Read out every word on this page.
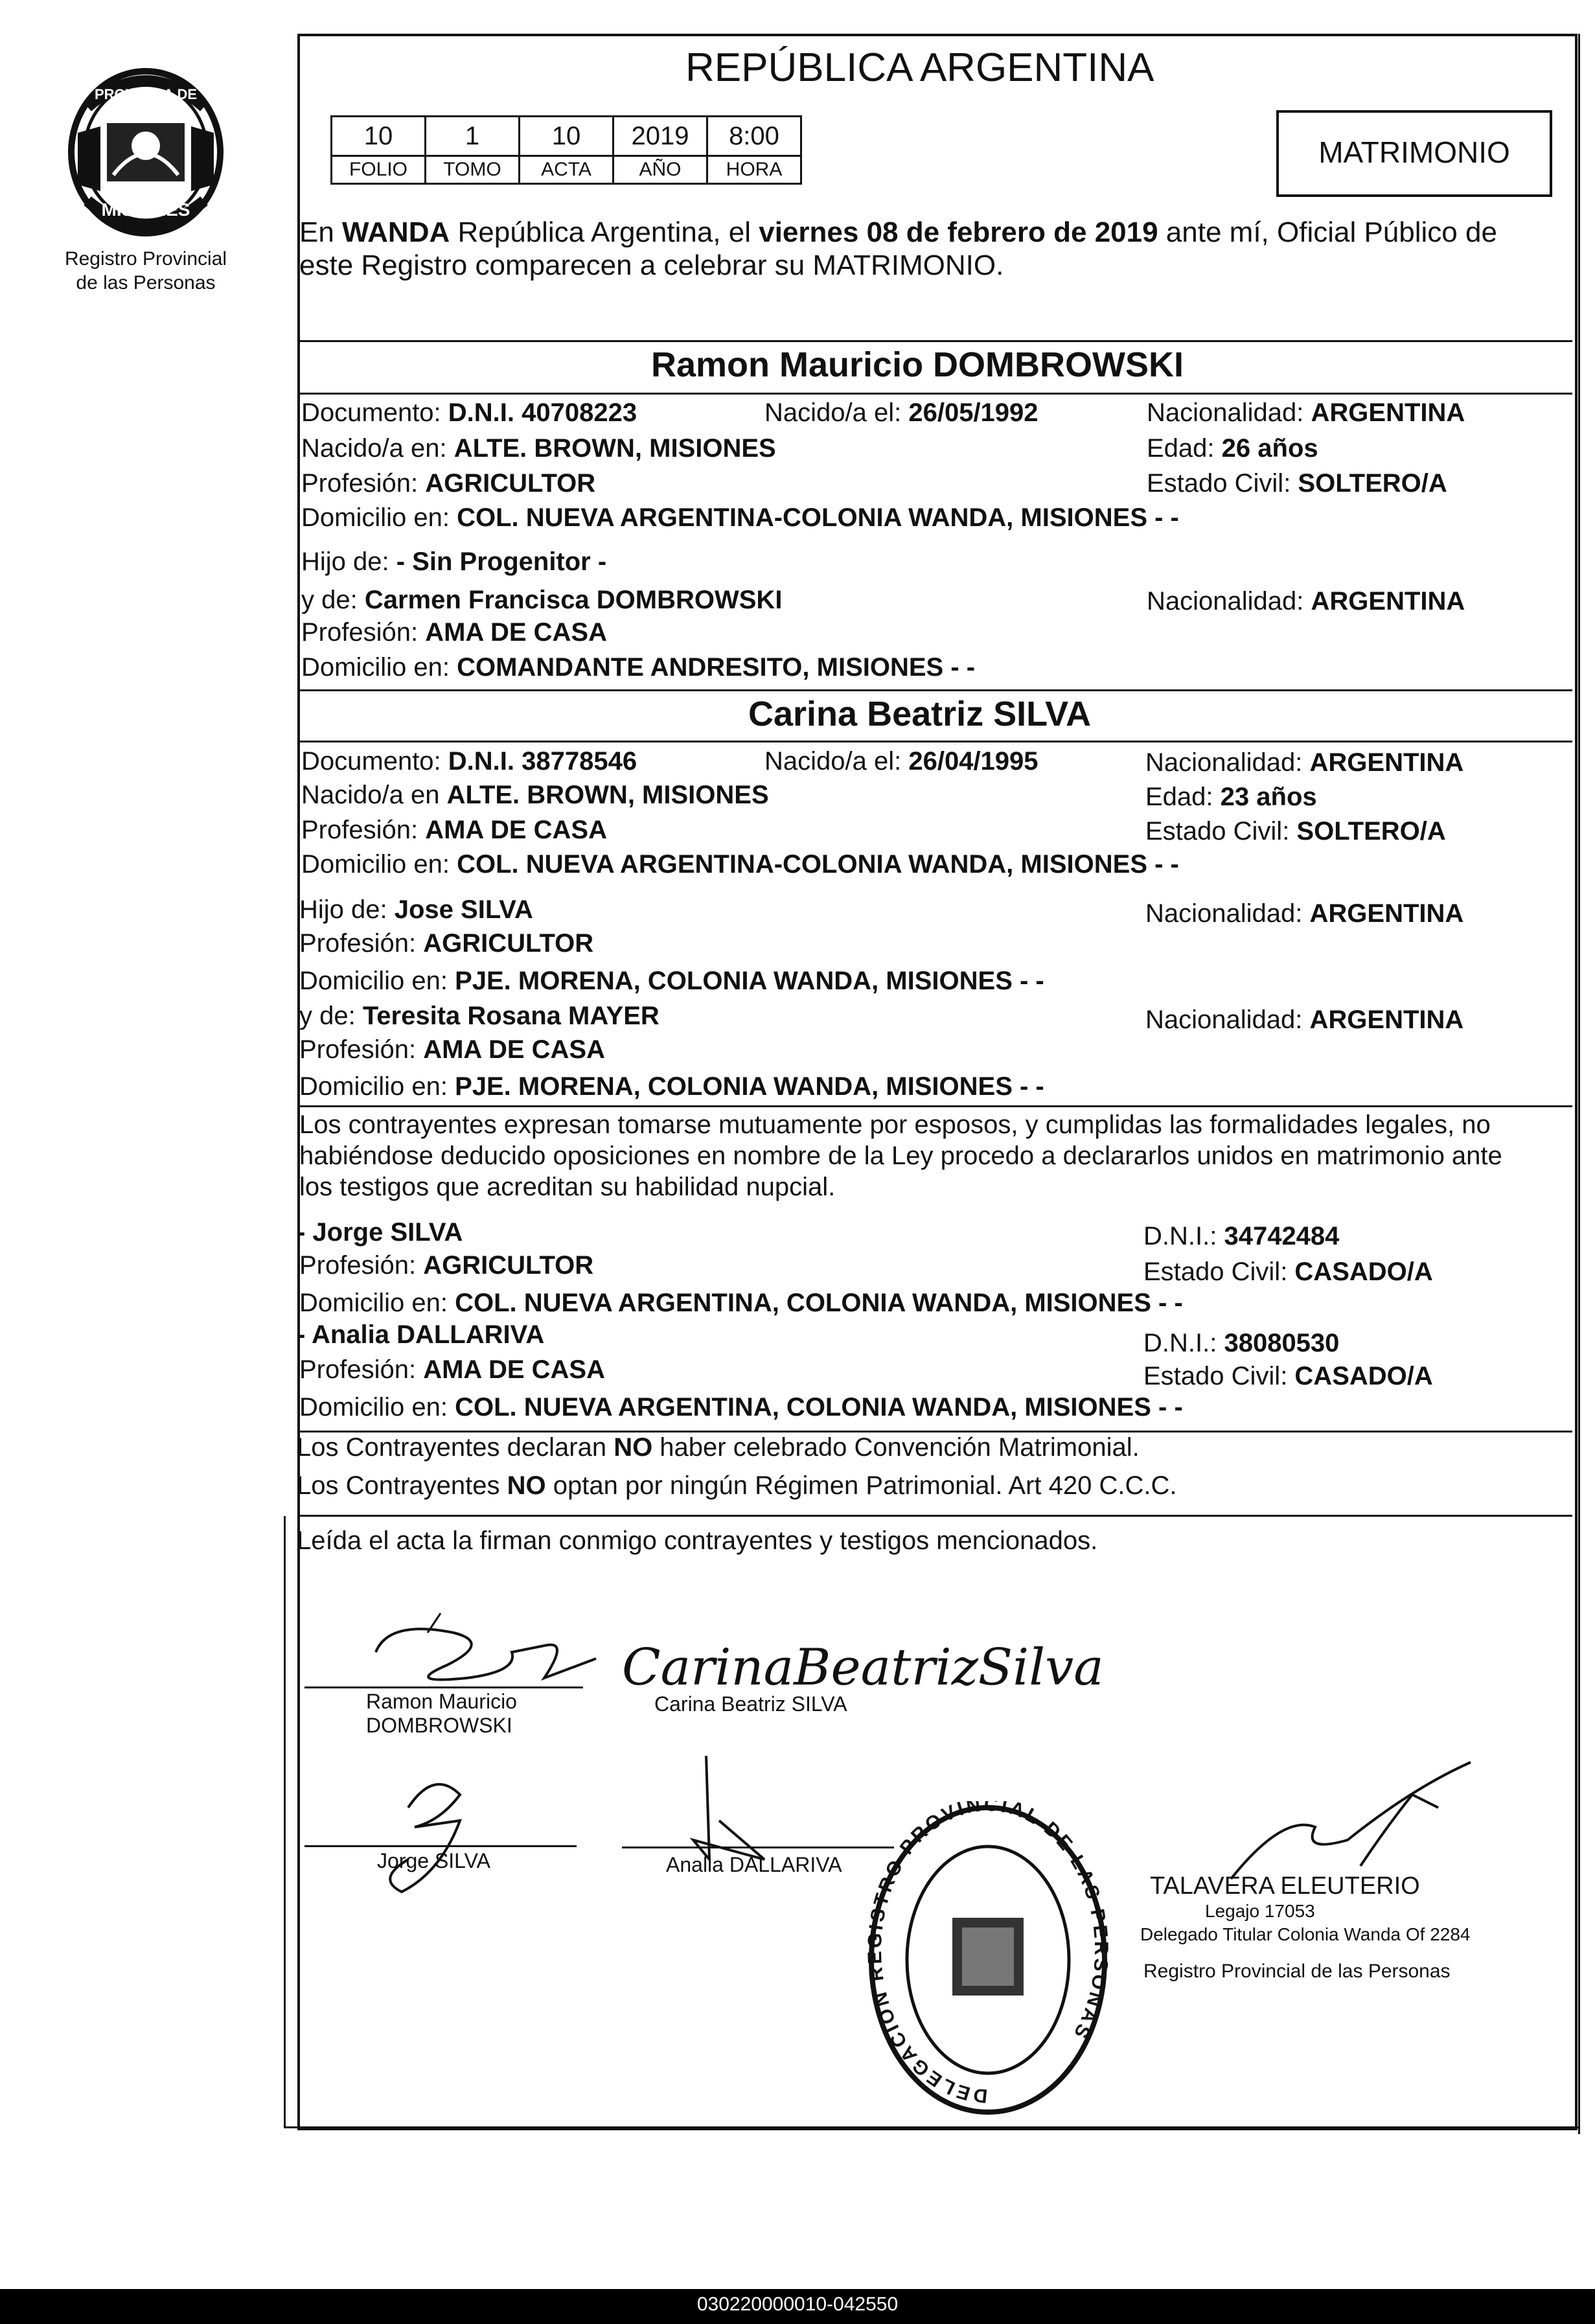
PROVINCIA DE
MISIONES
Registro Provincial
de las Personas
REPÚBLICA ARGENTINA
10	1	10	2019	8:00
FOLIO	TOMO	ACTA	AÑO	HORA
MATRIMONIO
En WANDA República Argentina, el viernes 08 de febrero de 2019 ante mí, Oficial Público de
este Registro comparecen a celebrar su MATRIMONIO.
Ramon Mauricio DOMBROWSKI
Documento: D.N.I. 40708223	Nacido/a el: 26/05/1992	Nacionalidad: ARGENTINA
Nacido/a en: ALTE. BROWN, MISIONES	Edad: 26 años
Profesión: AGRICULTOR	Estado Civil: SOLTERO/A
Domicilio en: COL. NUEVA ARGENTINA-COLONIA WANDA, MISIONES - -
Hijo de: - Sin Progenitor -
y de: Carmen Francisca DOMBROWSKI	Nacionalidad: ARGENTINA
Profesión: AMA DE CASA
Domicilio en: COMANDANTE ANDRESITO, MISIONES - -
Carina Beatriz SILVA
Documento: D.N.I. 38778546	Nacido/a el: 26/04/1995	Nacionalidad: ARGENTINA
Nacido/a en ALTE. BROWN, MISIONES	Edad: 23 años
Profesión: AMA DE CASA	Estado Civil: SOLTERO/A
Domicilio en: COL. NUEVA ARGENTINA-COLONIA WANDA, MISIONES - -
Hijo de: Jose SILVA	Nacionalidad: ARGENTINA
Profesión: AGRICULTOR
Domicilio en: PJE. MORENA, COLONIA WANDA, MISIONES - -
y de: Teresita Rosana MAYER	Nacionalidad: ARGENTINA
Profesión: AMA DE CASA
Domicilio en: PJE. MORENA, COLONIA WANDA, MISIONES - -
Los contrayentes expresan tomarse mutuamente por esposos, y cumplidas las formalidades legales, no
habiéndose deducido oposiciones en nombre de la Ley procedo a declararlos unidos en matrimonio ante
los testigos que acreditan su habilidad nupcial.
- Jorge SILVA	D.N.I.: 34742484
Profesión: AGRICULTOR	Estado Civil: CASADO/A
Domicilio en: COL. NUEVA ARGENTINA, COLONIA WANDA, MISIONES - -
- Analia DALLARIVA	D.N.I.: 38080530
Profesión: AMA DE CASA	Estado Civil: CASADO/A
Domicilio en: COL. NUEVA ARGENTINA, COLONIA WANDA, MISIONES - -
Los Contrayentes declaran NO haber celebrado Convención Matrimonial.
Los Contrayentes NO optan por ningún Régimen Patrimonial. Art 420 C.C.C.
Leída el acta la firman conmigo contrayentes y testigos mencionados.
Ramon Mauricio
DOMBROWSKI
CarinaBeatrizSilva
Carina Beatriz SILVA
Jorge SILVA	Analia DALLARIVA
DELEGACION REGISTRO PROVINCIAL DE LAS PERSONAS
TALAVERA ELEUTERIO
Legajo 17053
Delegado Titular Colonia Wanda Of 2284
Registro Provincial de las Personas
030220000010-042550
